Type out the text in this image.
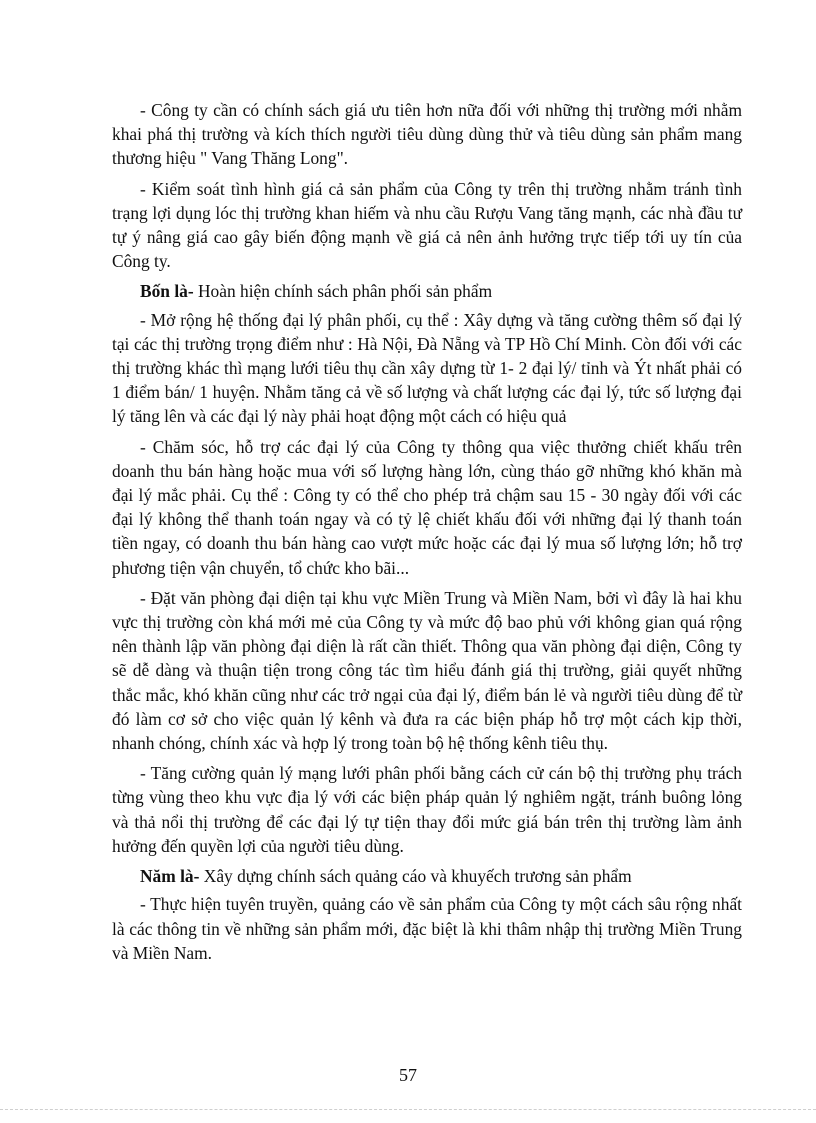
- Công ty cần có chính sách giá ưu tiên hơn nữa đối với những thị trường mới nhằm khai phá thị trường và kích thích người tiêu dùng dùng thử và tiêu dùng sản phẩm mang thương hiệu " Vang Thăng Long".

- Kiểm soát tình hình giá cả sản phẩm của Công ty trên thị trường nhằm tránh tình trạng lợi dụng lóc thị trường khan hiếm và nhu cầu Rượu Vang tăng mạnh, các nhà đầu tư tự ý nâng giá cao gây biến động mạnh về giá cả nên ảnh hưởng trực tiếp tới uy tín của Công ty.

Bốn là- Hoàn hiện chính sách phân phối sản phẩm

- Mở rộng hệ thống đại lý phân phối, cụ thể : Xây dựng và tăng cường thêm số đại lý tại các thị trường trọng điểm như : Hà Nội, Đà Nẵng và TP Hồ Chí Minh. Còn đối với các thị trường khác thì mạng lưới tiêu thụ cần xây dựng từ 1- 2 đại lý/ tỉnh và Ýt nhất phải có 1 điểm bán/ 1 huyện. Nhằm tăng cả về số lượng và chất lượng các đại lý, tức số lượng đại lý tăng lên và các đại lý này phải hoạt động một cách có hiệu quả

- Chăm sóc, hỗ trợ các đại lý của Công ty thông qua việc thưởng chiết khấu trên doanh thu bán hàng hoặc mua với số lượng hàng lớn, cùng tháo gỡ những khó khăn mà đại lý mắc phải. Cụ thể : Công ty có thể cho phép trả chậm sau 15 - 30 ngày đối với các đại lý không thể thanh toán ngay và có tỷ lệ chiết khấu đối với những đại lý thanh toán tiền ngay, có doanh thu bán hàng cao vượt mức hoặc các đại lý mua số lượng lớn; hỗ trợ phương tiện vận chuyển, tổ chức kho bãi...

- Đặt văn phòng đại diện tại khu vực Miền Trung và Miền Nam, bởi vì đây là hai khu vực thị trường còn khá mới mẻ của Công ty và mức độ bao phủ với không gian quá rộng nên thành lập văn phòng đại diện là rất cần thiết. Thông qua văn phòng đại diện, Công ty sẽ dễ dàng và thuận tiện trong công tác tìm hiểu đánh giá thị trường, giải quyết những thắc mắc, khó khăn cũng như các trở ngại của đại lý, điểm bán lẻ và người tiêu dùng để từ đó làm cơ sở cho việc quản lý kênh và đưa ra các biện pháp hỗ trợ một cách kịp thời, nhanh chóng, chính xác và hợp lý trong toàn bộ hệ thống kênh tiêu thụ.

- Tăng cường quản lý mạng lưới phân phối bằng cách cử cán bộ thị trường phụ trách từng vùng theo khu vực địa lý với các biện pháp quản lý nghiêm ngặt, tránh buông lỏng và thả nổi thị trường để các đại lý tự tiện thay đổi mức giá bán trên thị trường làm ảnh hưởng đến quyền lợi của người tiêu dùng.

Năm là- Xây dựng chính sách quảng cáo và khuyếch trương sản phẩm

- Thực hiện tuyên truyền, quảng cáo về sản phẩm của Công ty một cách sâu rộng nhất là các thông tin về những sản phẩm mới, đặc biệt là khi thâm nhập thị trường Miền Trung và Miền Nam.

57
